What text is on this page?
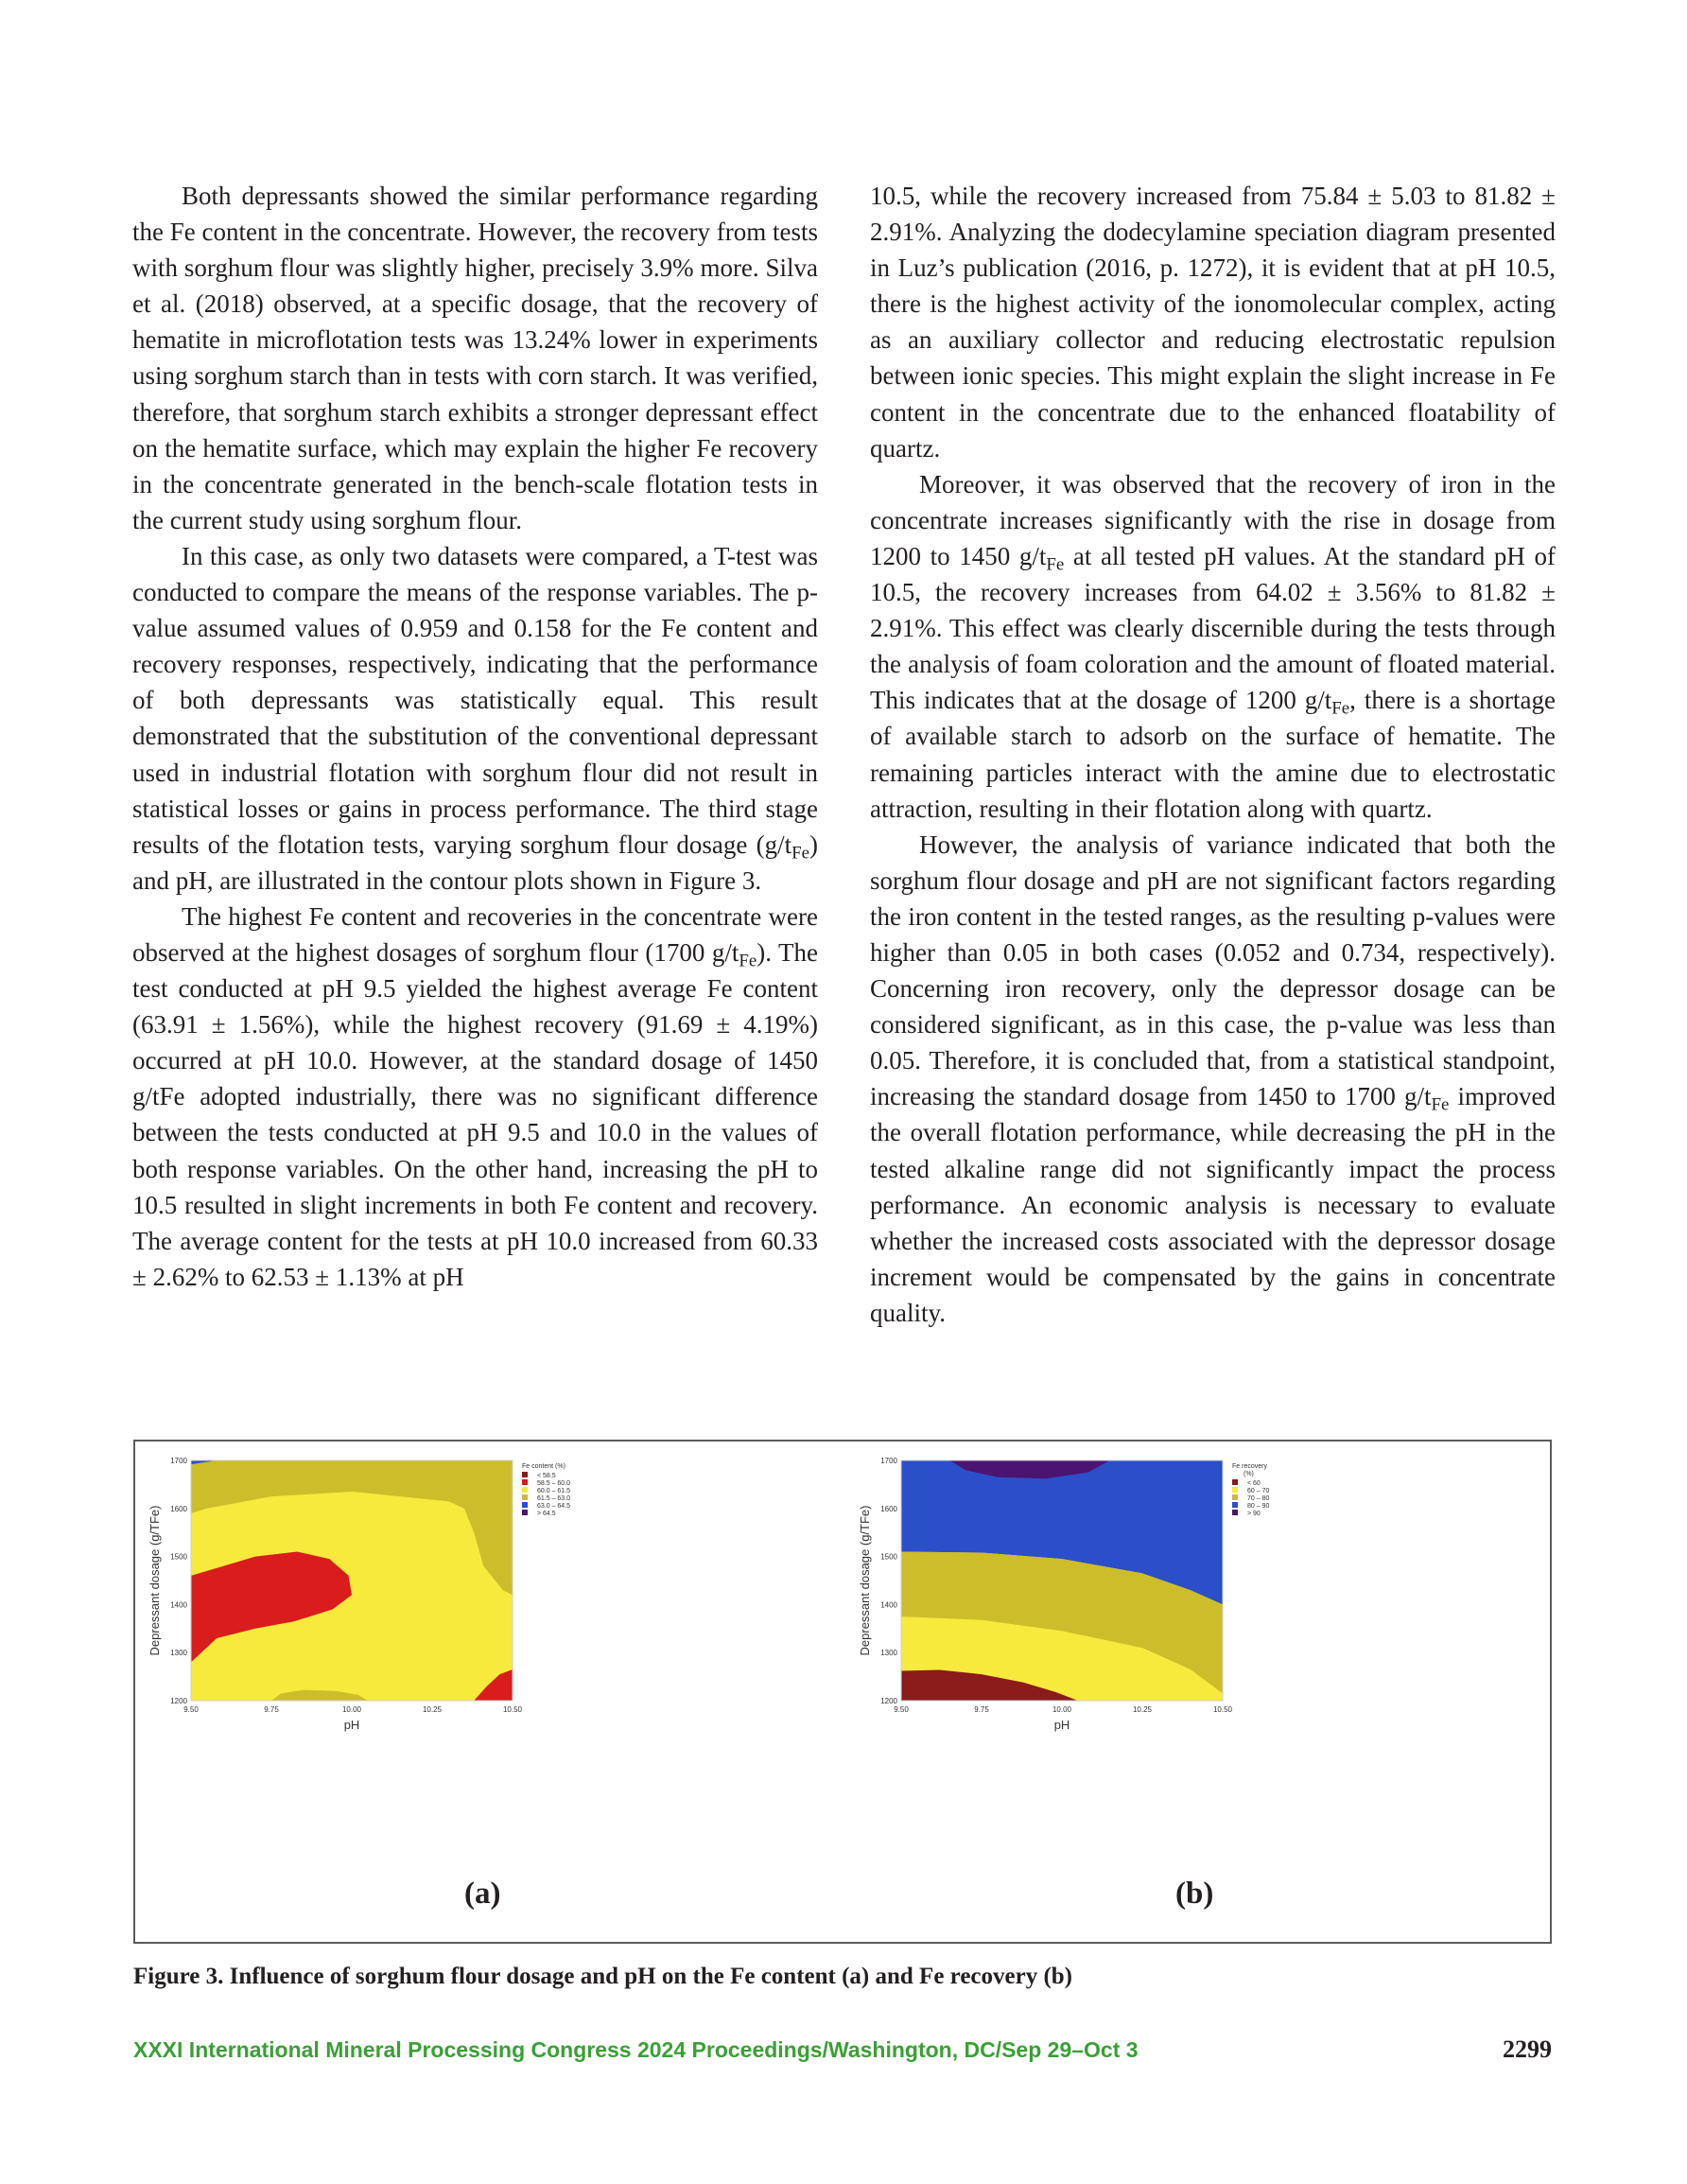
Both depressants showed the similar performance regarding the Fe content in the concentrate. However, the recovery from tests with sorghum flour was slightly higher, precisely 3.9% more. Silva et al. (2018) observed, at a specific dosage, that the recovery of hematite in microflotation tests was 13.24% lower in experiments using sorghum starch than in tests with corn starch. It was verified, therefore, that sorghum starch exhibits a stronger depressant effect on the hematite surface, which may explain the higher Fe recovery in the concentrate generated in the bench-scale flotation tests in the current study using sorghum flour.

In this case, as only two datasets were compared, a T-test was conducted to compare the means of the response variables. The p-value assumed values of 0.959 and 0.158 for the Fe content and recovery responses, respectively, indicating that the performance of both depressants was statistically equal. This result demonstrated that the substitution of the conventional depressant used in industrial flotation with sorghum flour did not result in statistical losses or gains in process performance. The third stage results of the flotation tests, varying sorghum flour dosage $(g/t_{Fe})$ and pH, are illustrated in the contour plots shown in Figure 3.

The highest Fe content and recoveries in the concentrate were observed at the highest dosages of sorghum flour (1700 $g/t_{Fe}$). The test conducted at pH 9.5 yielded the highest average Fe content (63.91 ± 1.56%), while the highest recovery (91.69 ± 4.19%) occurred at pH 10.0. However, at the standard dosage of 1450 g/tFe adopted industrially, there was no significant difference between the tests conducted at pH 9.5 and 10.0 in the values of both response variables. On the other hand, increasing the pH to 10.5 resulted in slight increments in both Fe content and recovery. The average content for the tests at pH 10.0 increased from 60.33 ± 2.62% to 62.53 ± 1.13% at pH

10.5, while the recovery increased from 75.84 ± 5.03 to 81.82 ± 2.91%. Analyzing the dodecylamine speciation diagram presented in Luz’s publication (2016, p. 1272), it is evident that at pH 10.5, there is the highest activity of the ionomolecular complex, acting as an auxiliary collector and reducing electrostatic repulsion between ionic species. This might explain the slight increase in Fe content in the concentrate due to the enhanced floatability of quartz.

Moreover, it was observed that the recovery of iron in the concentrate increases significantly with the rise in dosage from 1200 to 1450 $g/t_{Fe}$ at all tested pH values. At the standard pH of 10.5, the recovery increases from 64.02 ± 3.56% to 81.82 ± 2.91%. This effect was clearly discernible during the tests through the analysis of foam coloration and the amount of floated material. This indicates that at the dosage of 1200 $g/t_{Fe}$, there is a shortage of available starch to adsorb on the surface of hematite. The remaining particles interact with the amine due to electrostatic attraction, resulting in their flotation along with quartz.

However, the analysis of variance indicated that both the sorghum flour dosage and pH are not significant factors regarding the iron content in the tested ranges, as the resulting p-values were higher than 0.05 in both cases (0.052 and 0.734, respectively). Concerning iron recovery, only the depressor dosage can be considered significant, as in this case, the p-value was less than 0.05. Therefore, it is concluded that, from a statistical standpoint, increasing the standard dosage from 1450 to 1700 $g/t_{Fe}$ improved the overall flotation performance, while decreasing the pH in the tested alkaline range did not significantly impact the process performance. An economic analysis is necessary to evaluate whether the increased costs associated with the depressor dosage increment would be compensated by the gains in concentrate quality.

9.50	9.75	10.00	10.25	10.50
1200
1300
1400
1500
1600
1700
pH
Depressant dosage (g/TFe)
Fe content (%)
< 58.5
58.5 – 60.0
60.0 – 61.5
61.5 – 63.0
63.0 – 64.5
> 64.5
9.50	9.75	10.00	10.25	10.50
1200
1300
1400
1500
1600
1700
pH
Depressant dosage (g/TFe)
Fe recovery
(%)
< 60
60 – 70
70 – 80
80 – 90
> 90
(a)	(b)
Figure 3. Influence of sorghum flour dosage and pH on the Fe content (a) and Fe recovery (b)
XXXI International Mineral Processing Congress 2024 Proceedings/Washington, DC/Sep 29–Oct 3	2299
